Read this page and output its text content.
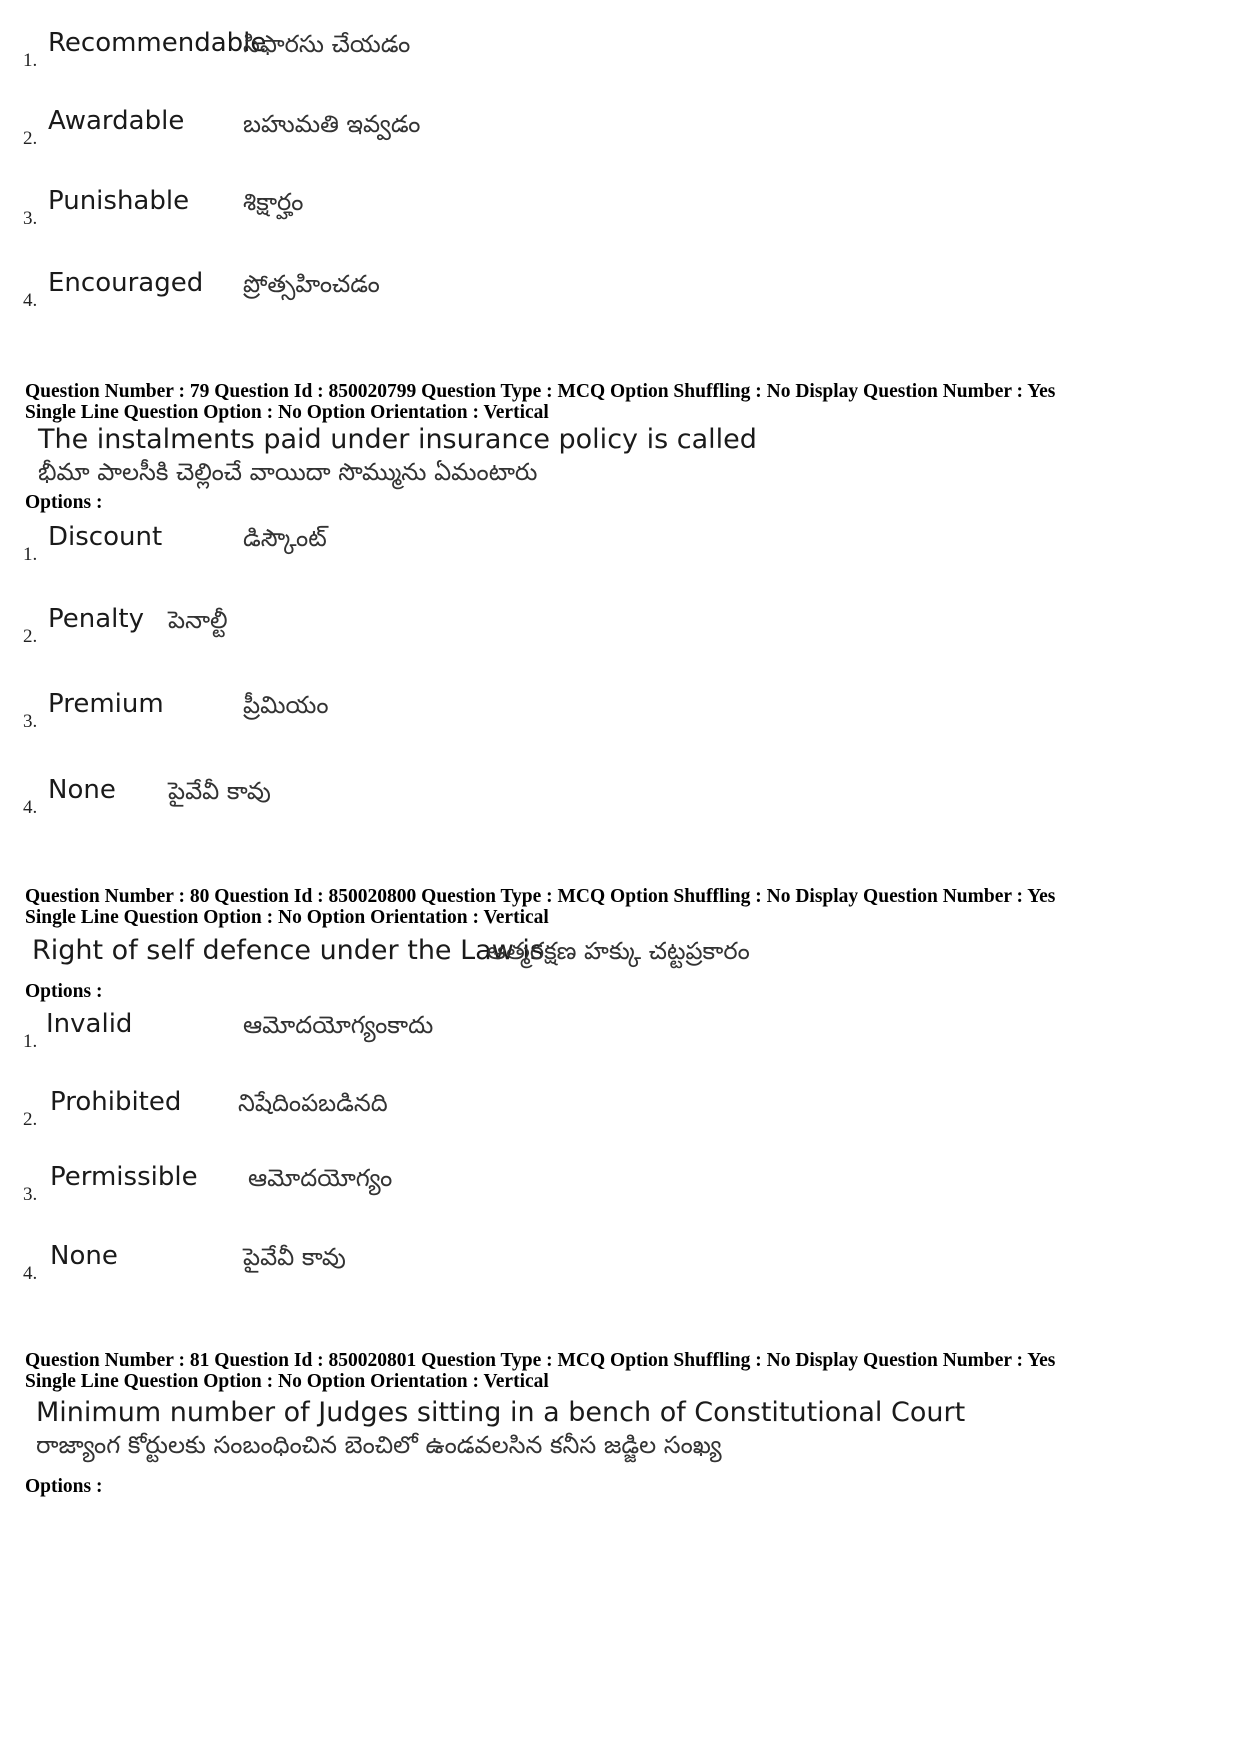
1.
Recommendable
సిఫారసు చేయడం
2.
Awardable బహుమతి ఇవ్వడం
3.
Punishable శిక్షార్హం
4.
Encouraged ప్రోత్సహించడం
Question Number : 79 Question Id : 850020799 Question Type : MCQ Option Shuffling : No Display Question Number : Yes
Single Line Question Option : No Option Orientation : Vertical
The instalments paid under insurance policy is called
భీమా పాలసీకి చెల్లించే వాయిదా సొమ్మును ఏమంటారు
Options :
1.
Discount	డిస్కౌంట్
2.
Penalty పెనాల్టీ
3.
Premium	ప్రీమియం
4.
None పైవేవీ కావు
Question Number : 80 Question Id : 850020800 Question Type : MCQ Option Shuffling : No Display Question Number : Yes
Single Line Question Option : No Option Orientation : Vertical
Right of self defence under the Law is
ఆత్మరక్షణ హక్కు చట్టప్రకారం
Options :
1.
Invalid	ఆమోదయోగ్యంకాదు
2.
Prohibited నిషేదింపబడినది
3.
Permissible ఆమోదయోగ్యం
4.
None	పైవేవీ కావు
Question Number : 81 Question Id : 850020801 Question Type : MCQ Option Shuffling : No Display Question Number : Yes
Single Line Question Option : No Option Orientation : Vertical
Minimum number of Judges sitting in a bench of Constitutional Court
రాజ్యాంగ కోర్టులకు సంబంధించిన బెంచిలో ఉండవలసిన కనీస జడ్జిల సంఖ్య
Options :
